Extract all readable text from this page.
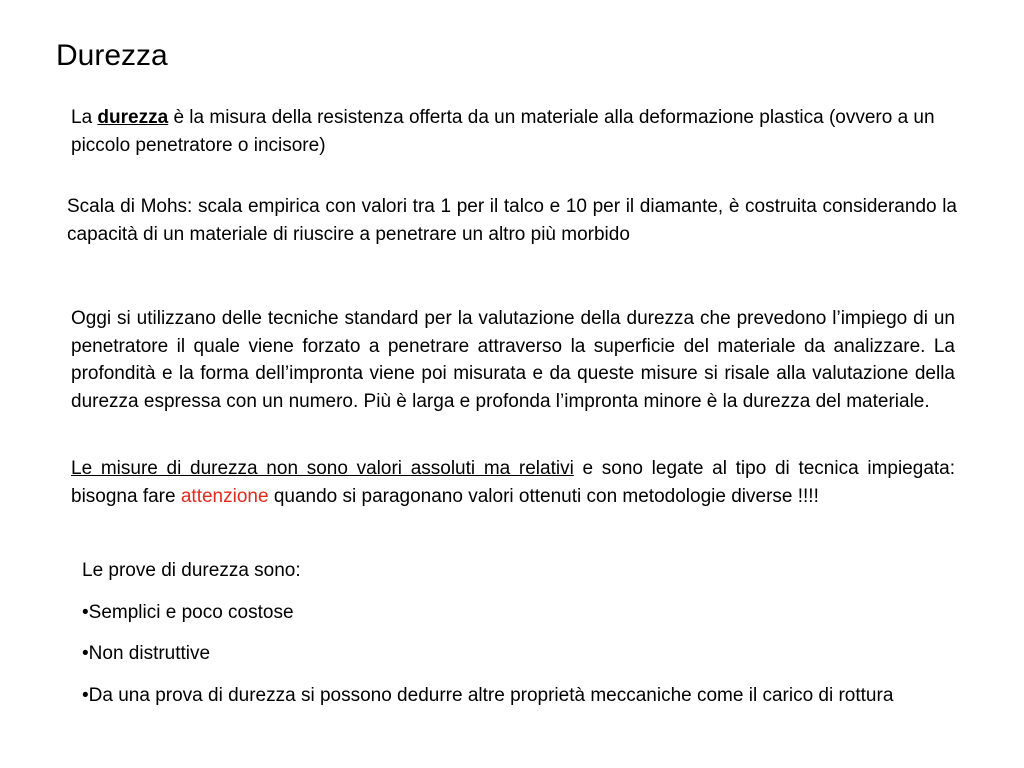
Durezza

La durezza è la misura della resistenza offerta da un materiale alla deformazione plastica (ovvero a un piccolo penetratore o incisore)

Scala di Mohs: scala empirica con valori tra 1 per il talco e 10 per il diamante, è costruita considerando la capacità di un materiale di riuscire a penetrare un altro più morbido

Oggi si utilizzano delle tecniche standard per la valutazione della durezza che prevedono l’impiego di un penetratore il quale viene forzato a penetrare attraverso la superficie del materiale da analizzare. La profondità e la forma dell’impronta viene poi misurata e da queste misure si risale alla valutazione della durezza espressa con un numero. Più è larga e profonda l’impronta minore è la durezza del materiale.

Le misure di durezza non sono valori assoluti ma relativi e sono legate al tipo di tecnica impiegata: bisogna fare attenzione quando si paragonano valori ottenuti con metodologie diverse !!!!

Le prove di durezza sono:

•Semplici e poco costose

•Non distruttive

•Da una prova di durezza si possono dedurre altre proprietà meccaniche come il carico di rottura
